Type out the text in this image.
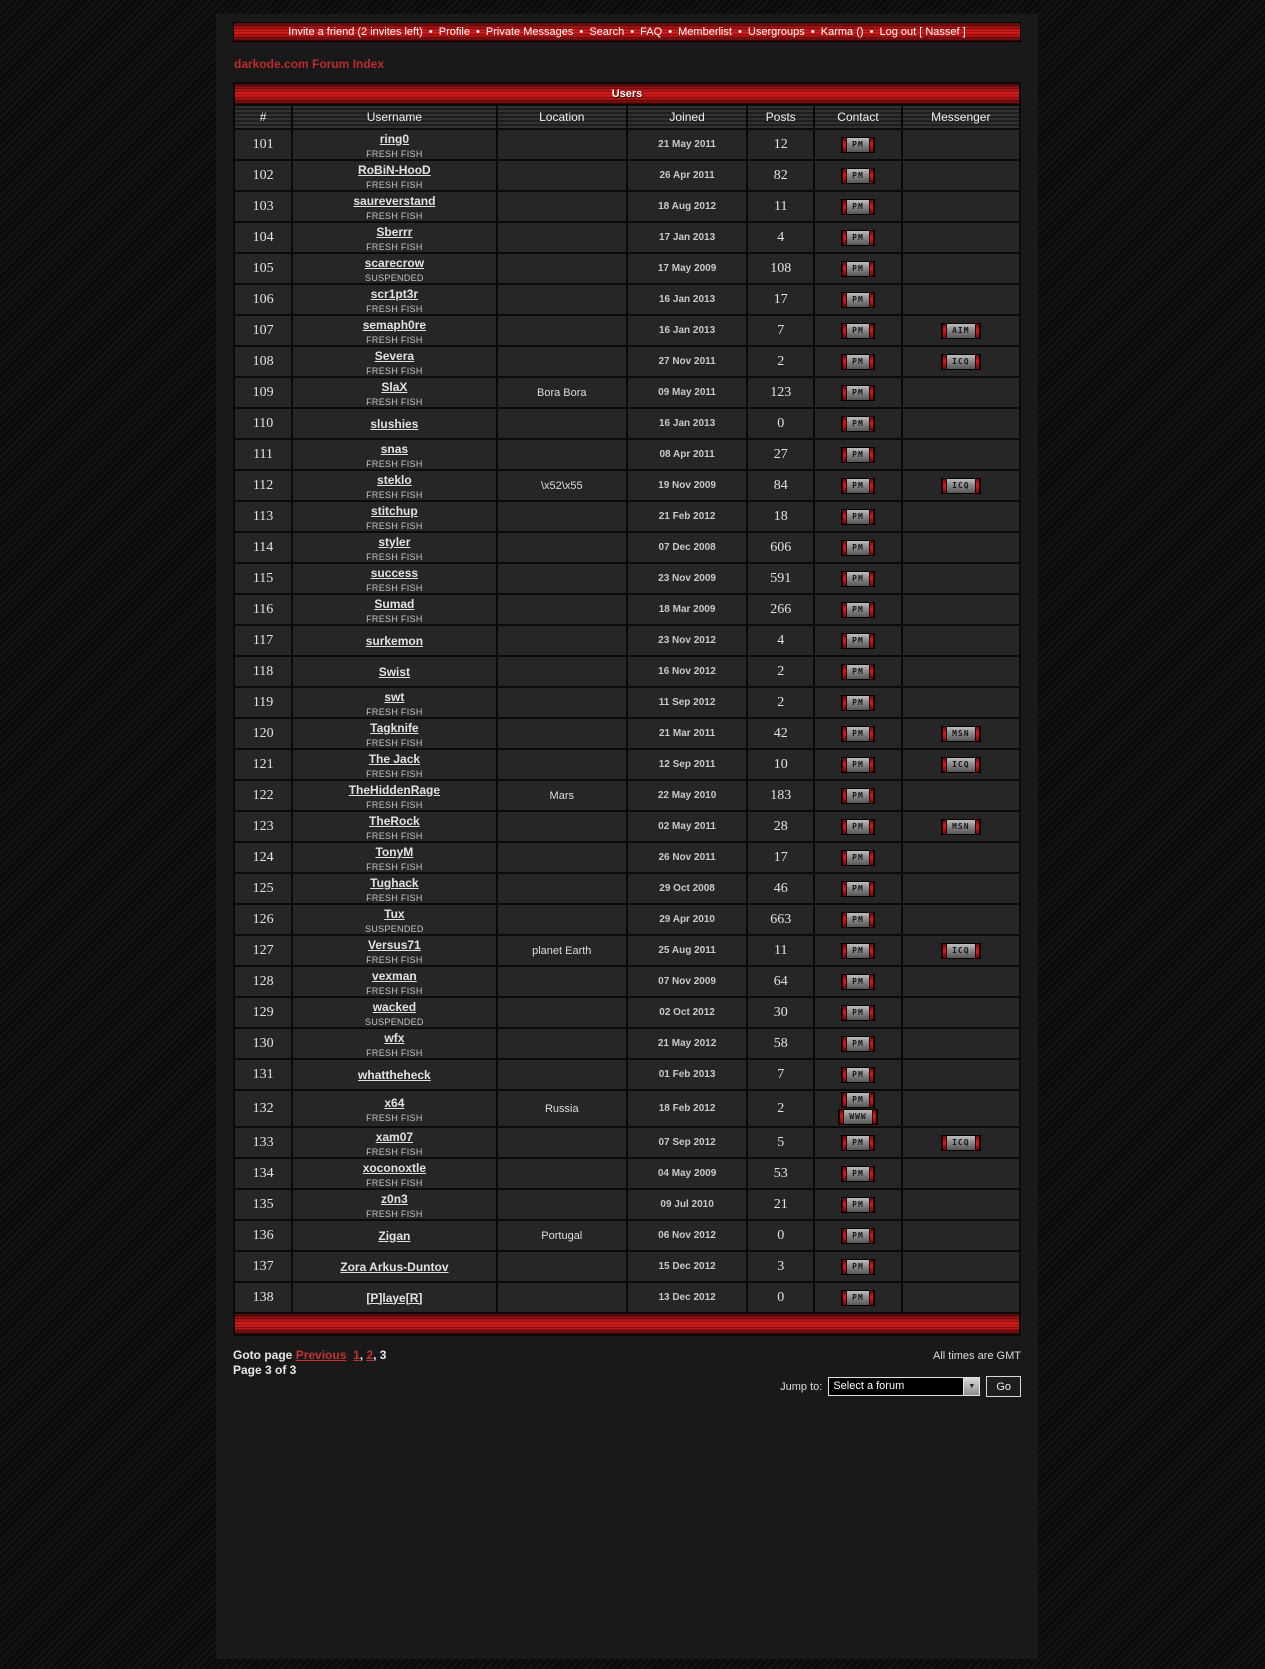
Invite a friend (2 invites left) • Profile • Private Messages • Search • FAQ • Memberlist • Usergroups • Karma () • Log out [ Nassef ]
darkode.com Forum Index
Users						
#	Username	Location	Joined	Posts	Contact	Messenger
101	ring0
FRESH FISH		21 May 2011	12	PM	

102	RoBiN-HooD
FRESH FISH		26 Apr 2011	82	PM	

103	saureverstand
FRESH FISH		18 Aug 2012	11	PM	

104	Sberrr
FRESH FISH		17 Jan 2013	4	PM	

105	scarecrow
SUSPENDED		17 May 2009	108	PM	

106	scr1pt3r
FRESH FISH		16 Jan 2013	17	PM	

107	semaph0re
FRESH FISH		16 Jan 2013	7	PM	AIM

108	Severa
FRESH FISH		27 Nov 2011	2	PM	ICQ

109	SlaX
FRESH FISH	Bora Bora	09 May 2011	123	PM	

110	slushies		16 Jan 2013	0	PM	

111	snas
FRESH FISH		08 Apr 2011	27	PM	

112	steklo
FRESH FISH	\x52\x55	19 Nov 2009	84	PM	ICQ

113	stitchup
FRESH FISH		21 Feb 2012	18	PM	

114	styler
FRESH FISH		07 Dec 2008	606	PM	

115	success
FRESH FISH		23 Nov 2009	591	PM	

116	Sumad
FRESH FISH		18 Mar 2009	266	PM	

117	surkemon		23 Nov 2012	4	PM	

118	Swist		16 Nov 2012	2	PM	

119	swt
FRESH FISH		11 Sep 2012	2	PM	

120	Tagknife
FRESH FISH		21 Mar 2011	42	PM	MSN

121	The Jack
FRESH FISH		12 Sep 2011	10	PM	ICQ

122	TheHiddenRage
FRESH FISH	Mars	22 May 2010	183	PM	

123	TheRock
FRESH FISH		02 May 2011	28	PM	MSN

124	TonyM
FRESH FISH		26 Nov 2011	17	PM	

125	Tughack
FRESH FISH		29 Oct 2008	46	PM	

126	Tux
SUSPENDED		29 Apr 2010	663	PM	

127	Versus71
FRESH FISH	planet Earth	25 Aug 2011	11	PM	ICQ

128	vexman
FRESH FISH		07 Nov 2009	64	PM	

129	wacked
SUSPENDED		02 Oct 2012	30	PM	

130	wfx
FRESH FISH		21 May 2012	58	PM	

131	whattheheck		01 Feb 2013	7	PM	

132	x64
FRESH FISH	Russia	18 Feb 2012	2	PM
WWW	

133	xam07
FRESH FISH		07 Sep 2012	5	PM	ICQ

134	xoconoxtle
FRESH FISH		04 May 2009	53	PM	

135	z0n3
FRESH FISH		09 Jul 2010	21	PM	

136	Zigan	Portugal	06 Nov 2012	0	PM	

137	Zora Arkus-Duntov		15 Dec 2012	3	PM	

138	[P]laye[R]		13 Dec 2012	0	PM	

Goto page Previous 1, 2, 3
Page 3 of 3
All times are GMT
Jump to:	Select a forum	▼	Go
